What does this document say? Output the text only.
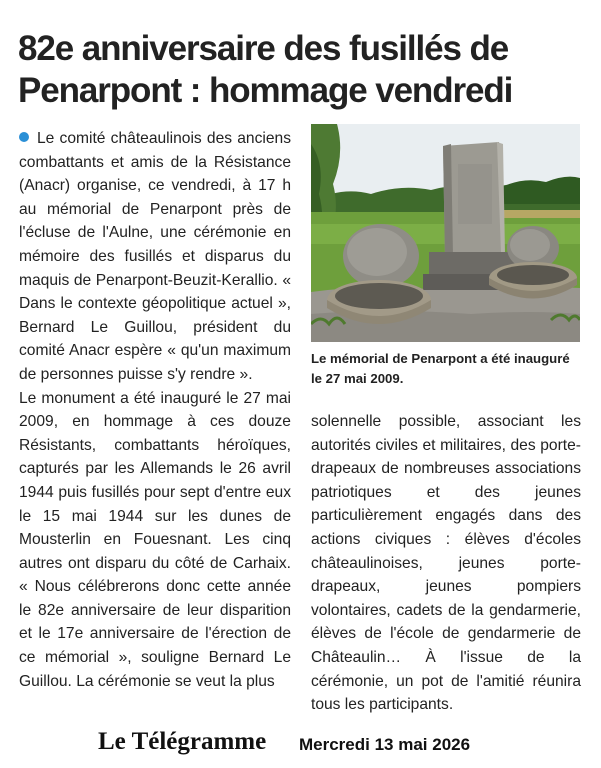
82e anniversaire des fusillés de Penarpont : hommage vendredi

Le comité châteaulinois des anciens combattants et amis de la Résistance (Anacr) organise, ce vendredi, à 17 h au mémorial de Penarpont près de l'écluse de l'Aulne, une cérémonie en mémoire des fusillés et disparus du maquis de Penarpont-Beuzit-Kerallio. « Dans le contexte géopolitique actuel », Bernard Le Guillou, président du comité Anacr espère « qu'un maximum de personnes puisse s'y rendre ».

Le monument a été inauguré le 27 mai 2009, en hommage à ces douze Résistants, combattants héroïques, capturés par les Allemands le 26 avril 1944 puis fusillés pour sept d'entre eux le 15 mai 1944 sur les dunes de Mousterlin en Fouesnant. Les cinq autres ont disparu du côté de Carhaix. « Nous célébrerons donc cette année le 82e anniversaire de leur disparition et le 17e anniversaire de l'érection de ce mémorial », souligne Bernard Le Guillou. La cérémonie se veut la plus

Le mémorial de Penarpont a été inauguré le 27 mai 2009.

solennelle possible, associant les autorités civiles et militaires, des porte-drapeaux de nombreuses associations patriotiques et des jeunes particulièrement engagés dans des actions civiques : élèves d'écoles châteaulinoises, jeunes porte-drapeaux, jeunes pompiers volontaires, cadets de la gendarmerie, élèves de l'école de gendarmerie de Châteaulin… À l'issue de la cérémonie, un pot de l'amitié réunira tous les participants.

Le Télégramme Mercredi 13 mai 2026
